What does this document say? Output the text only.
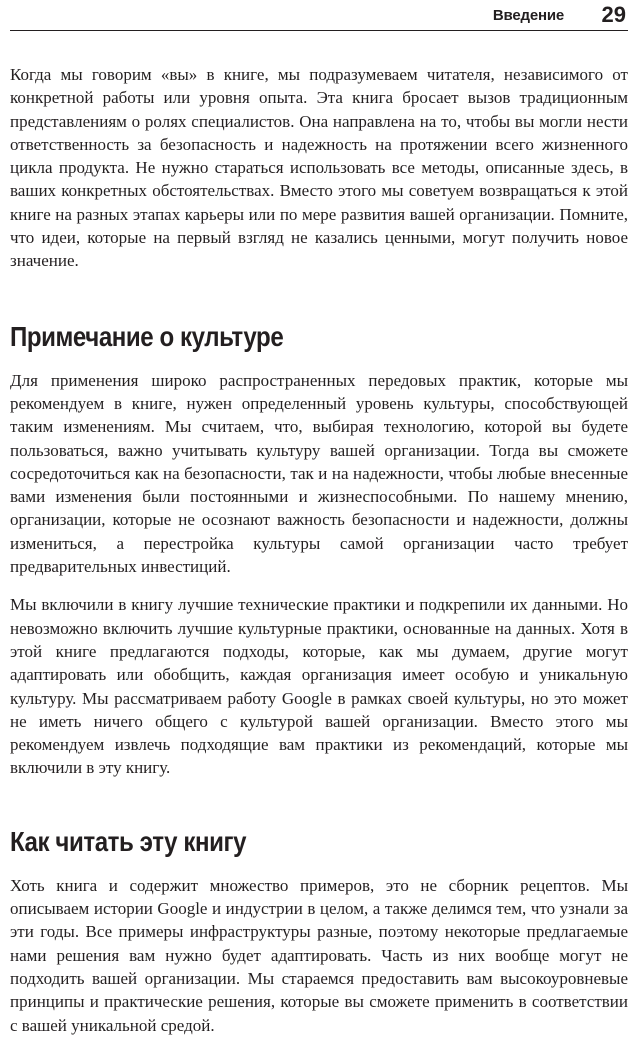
Введение 29

Когда мы говорим «вы» в книге, мы подразумеваем читателя, независимого от конкретной работы или уровня опыта. Эта книга бросает вызов традиционным представлениям о ролях специалистов. Она направлена на то, чтобы вы могли нести ответственность за безопасность и надежность на протяжении всего жизненного цикла продукта. Не нужно стараться использовать все методы, описанные здесь, в ваших конкретных обстоятельствах. Вместо этого мы советуем возвращаться к этой книге на разных этапах карьеры или по мере развития вашей организации. Помните, что идеи, которые на первый взгляд не казались ценными, могут получить новое значение.

Примечание о культуре

Для применения широко распространенных передовых практик, которые мы рекомендуем в книге, нужен определенный уровень культуры, способствующей таким изменениям. Мы считаем, что, выбирая технологию, которой вы будете пользоваться, важно учитывать культуру вашей организации. Тогда вы сможете сосредоточиться как на безопасности, так и на надежности, чтобы любые внесенные вами изменения были постоянными и жизнеспособными. По нашему мнению, организации, которые не осознают важность безопасности и надежности, должны измениться, а перестройка культуры самой организации часто требует предварительных инвестиций.

Мы включили в книгу лучшие технические практики и подкрепили их данными. Но невозможно включить лучшие культурные практики, основанные на данных. Хотя в этой книге предлагаются подходы, которые, как мы думаем, другие могут адаптировать или обобщить, каждая организация имеет особую и уникальную культуру. Мы рассматриваем работу Google в рамках своей культуры, но это может не иметь ничего общего с культурой вашей организации. Вместо этого мы рекомендуем извлечь подходящие вам практики из рекомендаций, которые мы включили в эту книгу.

Как читать эту книгу

Хоть книга и содержит множество примеров, это не сборник рецептов. Мы описываем истории Google и индустрии в целом, а также делимся тем, что узнали за эти годы. Все примеры инфраструктуры разные, поэтому некоторые предлагаемые нами решения вам нужно будет адаптировать. Часть из них вообще могут не подходить вашей организации. Мы стараемся предоставить вам высокоуровневые принципы и практические решения, которые вы сможете применить в соответствии с вашей уникальной средой.
